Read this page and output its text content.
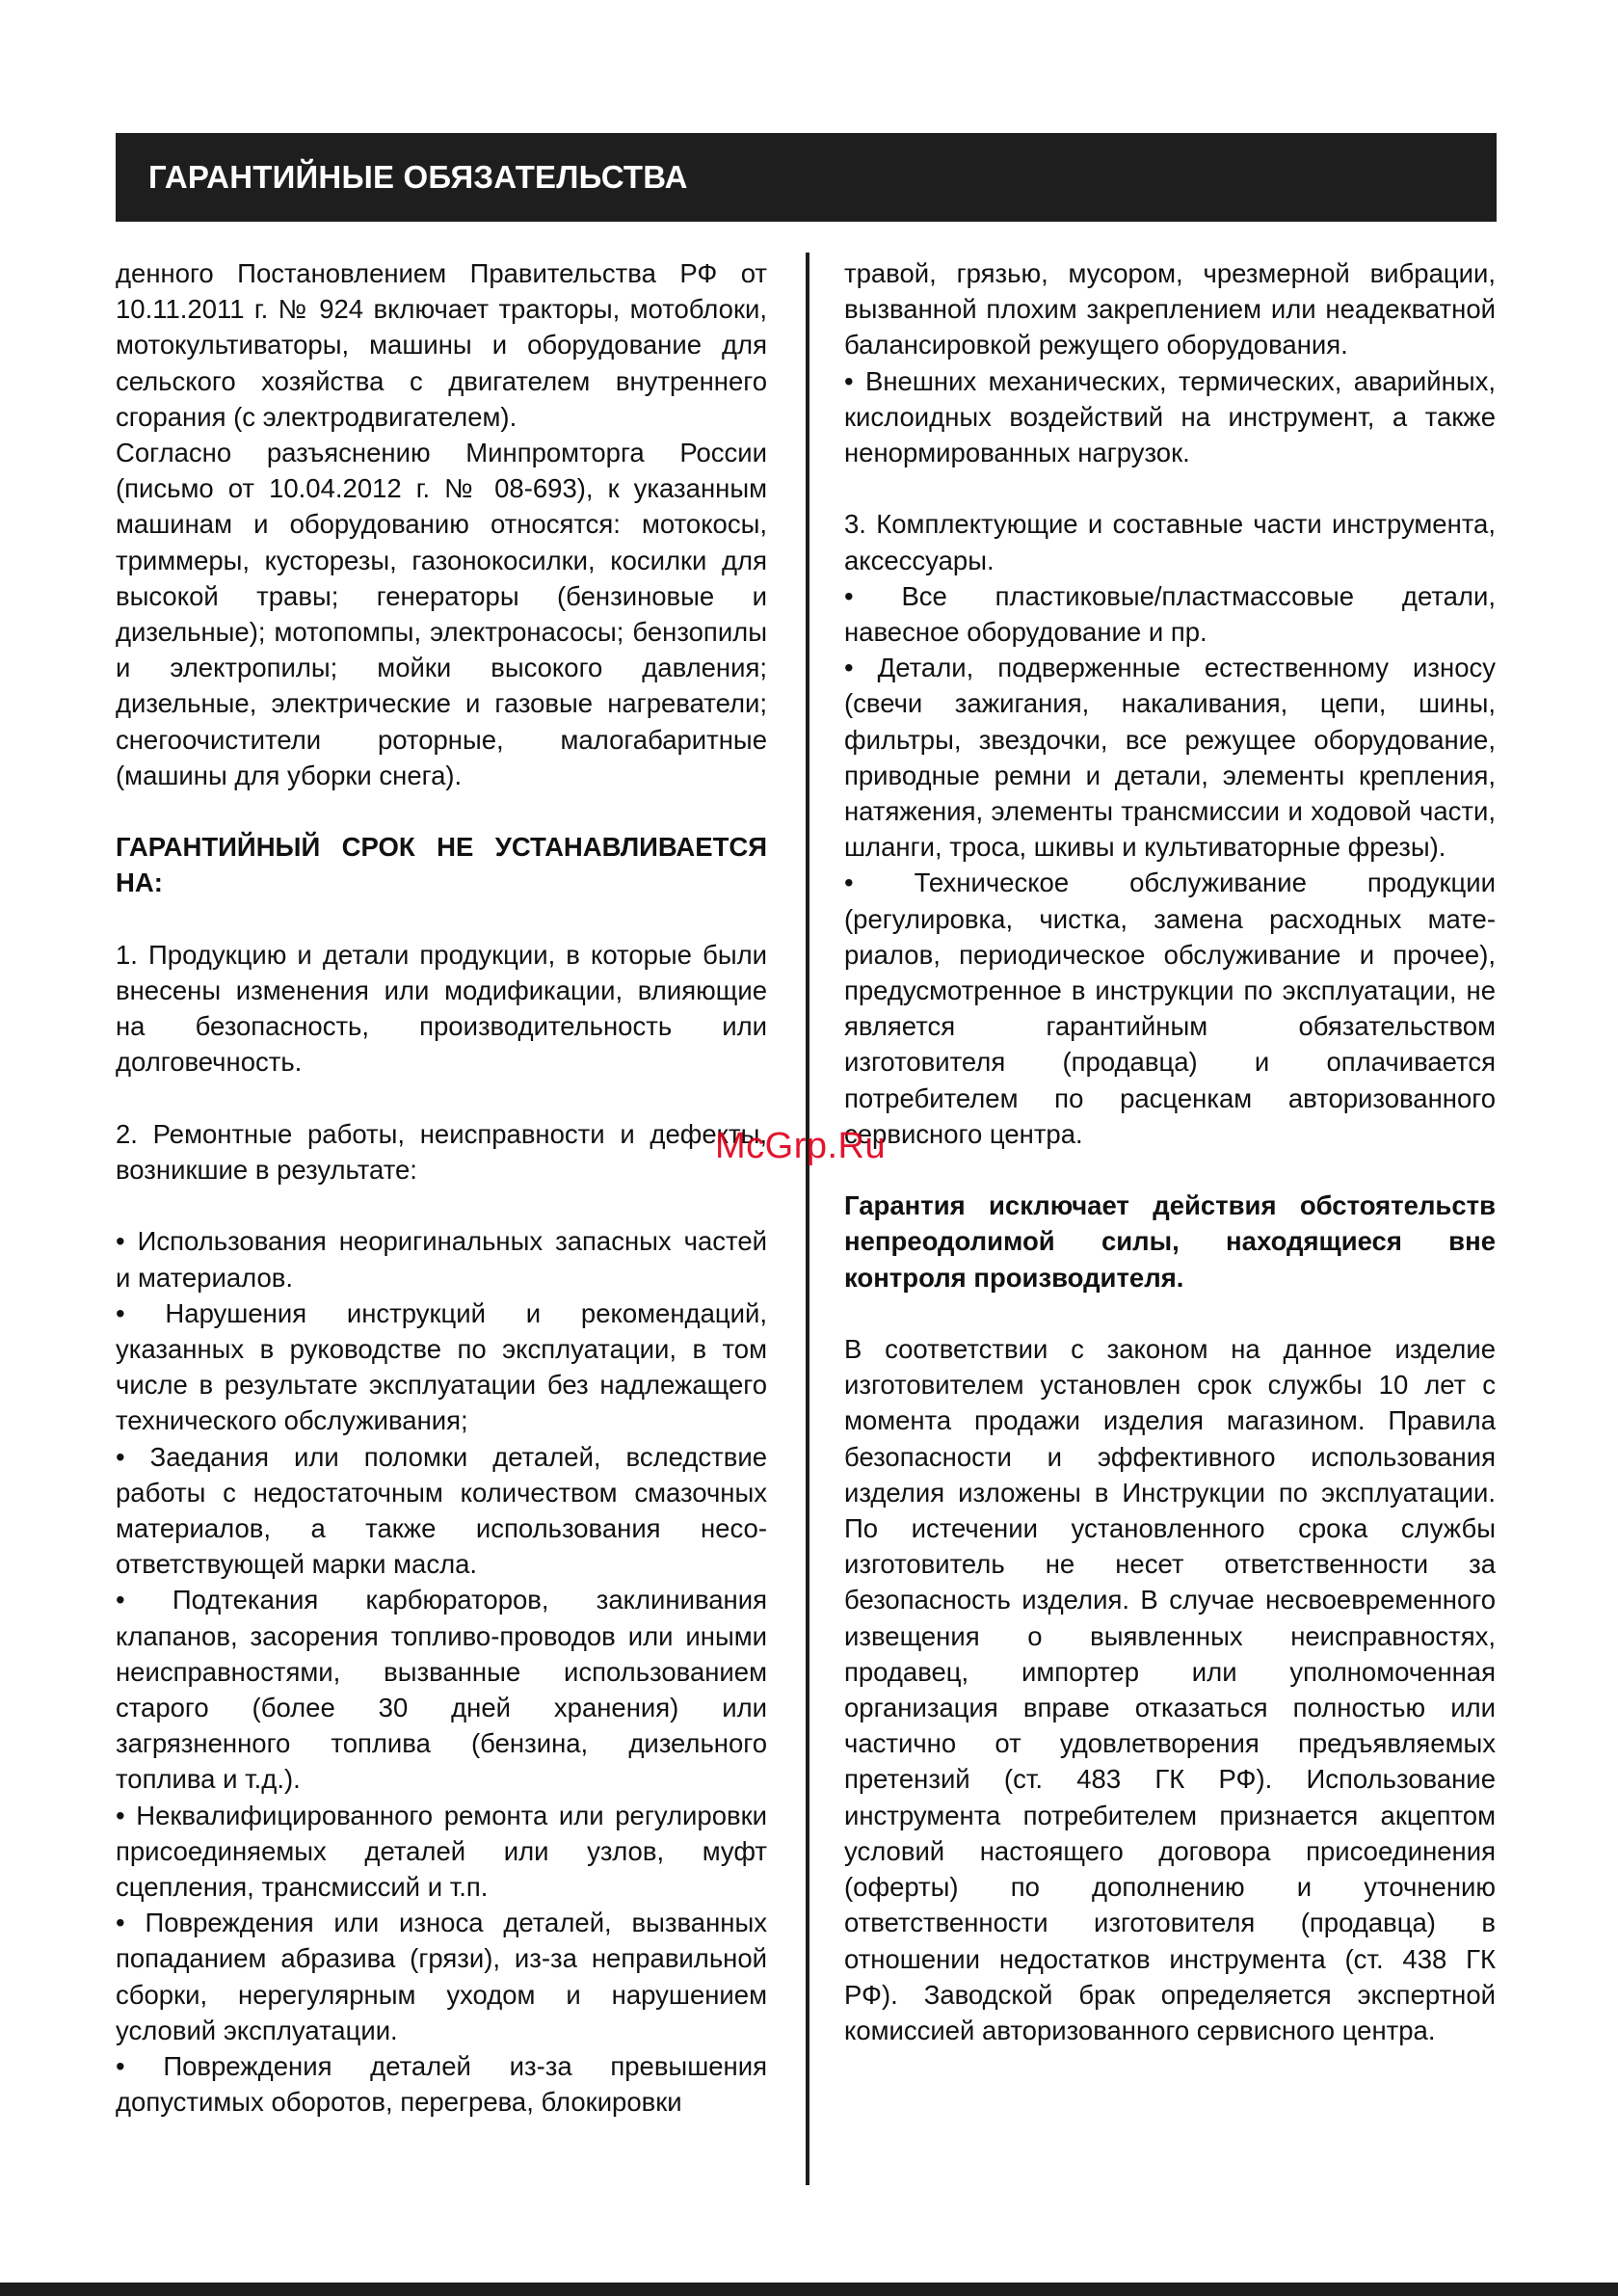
ГАРАНТИЙНЫЕ ОБЯЗАТЕЛЬСТВА

денного Постановлением Правительства РФ от 10.11.2011 г. № 924 включает тракторы, мотоблоки, мотокультиваторы, машины и оборудование для сельского хозяйства с двигателем внутреннего сгорания (с электродвигателем).

Согласно разъяснению Минпромторга России (письмо от 10.04.2012 г. № 08-693), к указанным машинам и оборудованию относятся: мотокосы, триммеры, кусторезы, газонокосилки, косилки для высокой травы; генераторы (бензиновые и дизельные); мотопомпы, электронасосы; бензопилы и электропилы; мойки высокого давления; дизельные, электрические и газовые нагреватели; снегоочистители роторные, малогабаритные (машины для уборки снега).

ГАРАНТИЙНЫЙ СРОК НЕ УСТАНАВЛИВАЕТСЯ НА:

1. Продукцию и детали продукции, в которые были внесены изменения или модификации, влияющие на безопасность, производительность или долговечность.

2. Ремонтные работы, неисправности и дефекты, возникшие в результате:

• Использования неоригинальных запасных частей и материалов.

• Нарушения инструкций и рекомендаций, указанных в руководстве по эксплуатации, в том числе в результате эксплуатации без надлежащего технического обслуживания;

• Заедания или поломки деталей, вследствие работы с недостаточным количеством смазочных материалов, а также использования несоответствующей марки масла.

• Подтекания карбюраторов, заклинивания клапанов, засорения топливо-проводов или иными неисправностями, вызванные использованием старого (более 30 дней хранения) или загрязненного топлива (бензина, дизельного топлива и т.д.).

• Неквалифицированного ремонта или регулировки присоединяемых деталей или узлов, муфт сцепления, трансмиссий и т.п.

• Повреждения или износа деталей, вызванных попаданием абразива (грязи), из-за неправильной сборки, нерегулярным уходом и нарушением условий эксплуатации.

• Повреждения деталей из-за превышения допустимых оборотов, перегрева, блокировки

травой, грязью, мусором, чрезмерной вибрации, вызванной плохим закреплением или неадекватной балансировкой режущего оборудования.

• Внешних механических, термических, аварийных, кислоидных воздействий на инструмент, а также ненормированных нагрузок.

3. Комплектующие и составные части инструмента, аксессуары.

• Все пластиковые/пластмассовые детали, навесное оборудование и пр.

• Детали, подверженные естественному износу (свечи зажигания, накаливания, цепи, шины, фильтры, звездочки, все режущее оборудование, приводные ремни и детали, элементы крепления, натяжения, элементы трансмиссии и ходовой части, шланги, троса, шкивы и культиваторные фрезы).

• Техническое обслуживание продукции (регулировка, чистка, замена расходных материалов, периодическое обслуживание и прочее), предусмотренное в инструкции по эксплуатации, не является гарантийным обязательством изготовителя (продавца) и оплачивается потребителем по расценкам авторизованного сервисного центра.

Гарантия исключает действия обстоятельств непреодолимой силы, находящиеся вне контроля производителя.

В соответствии с законом на данное изделие изготовителем установлен срок службы 10 лет с момента продажи изделия магазином. Правила безопасности и эффективного использования изделия изложены в Инструкции по эксплуатации. По истечении установленного срока службы изготовитель не несет ответственности за безопасность изделия. В случае несвоевременного извещения о выявленных неисправностях, продавец, импортер или уполномоченная организация вправе отказаться полностью или частично от удовлетворения предъявляемых претензий (ст. 483 ГК РФ). Использование инструмента потребителем признается акцептом условий настоящего договора присоединения (оферты) по дополнению и уточнению ответственности изготовителя (продавца) в отношении недостатков инструмента (ст. 438 ГК РФ). Заводской брак определяется экспертной комиссией авторизованного сервисного центра.

McGrp.Ru
